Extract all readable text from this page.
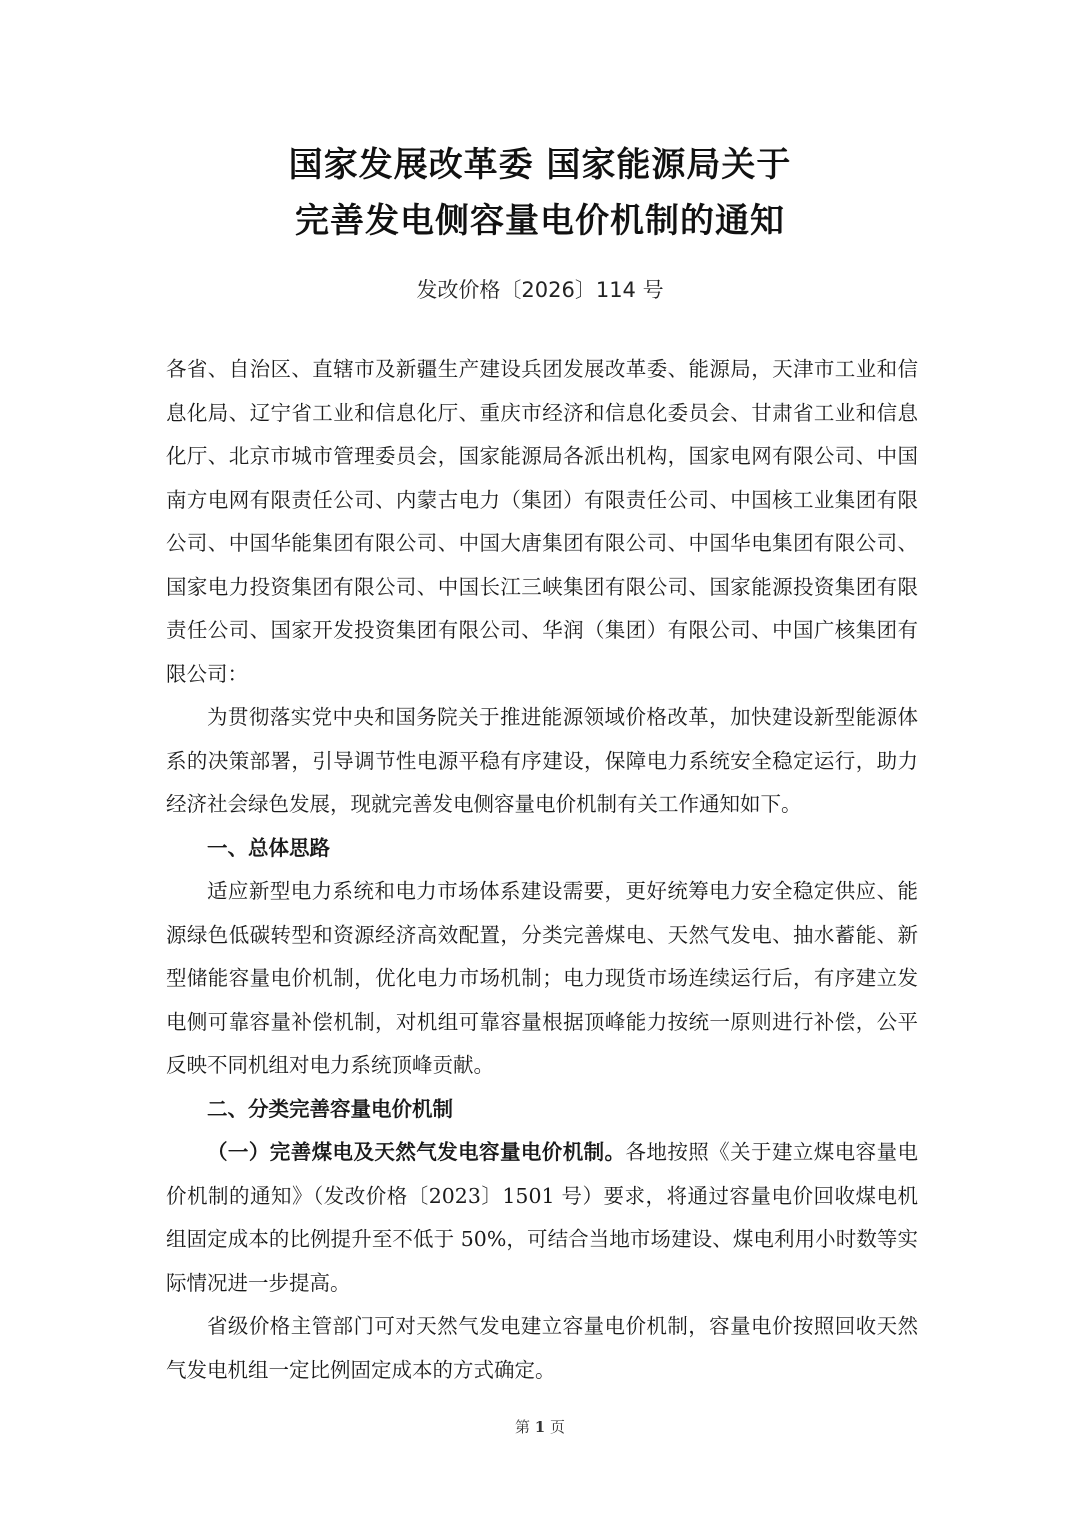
国家发展改革委 国家能源局关于
完善发电侧容量电价机制的通知

发改价格〔2026〕114 号

各省、自治区、直辖市及新疆生产建设兵团发展改革委、能源局，天津市工业和信息化局、辽宁省工业和信息化厅、重庆市经济和信息化委员会、甘肃省工业和信息化厅、北京市城市管理委员会，国家能源局各派出机构，国家电网有限公司、中国南方电网有限责任公司、内蒙古电力（集团）有限责任公司、中国核工业集团有限公司、中国华能集团有限公司、中国大唐集团有限公司、中国华电集团有限公司、国家电力投资集团有限公司、中国长江三峡集团有限公司、国家能源投资集团有限责任公司、国家开发投资集团有限公司、华润（集团）有限公司、中国广核集团有限公司：

为贯彻落实党中央和国务院关于推进能源领域价格改革，加快建设新型能源体系的决策部署，引导调节性电源平稳有序建设，保障电力系统安全稳定运行，助力经济社会绿色发展，现就完善发电侧容量电价机制有关工作通知如下。

一、总体思路

适应新型电力系统和电力市场体系建设需要，更好统筹电力安全稳定供应、能源绿色低碳转型和资源经济高效配置，分类完善煤电、天然气发电、抽水蓄能、新型储能容量电价机制，优化电力市场机制；电力现货市场连续运行后，有序建立发电侧可靠容量补偿机制，对机组可靠容量根据顶峰能力按统一原则进行补偿，公平反映不同机组对电力系统顶峰贡献。

二、分类完善容量电价机制

（一）完善煤电及天然气发电容量电价机制。各地按照《关于建立煤电容量电价机制的通知》（发改价格〔2023〕1501 号）要求，将通过容量电价回收煤电机组固定成本的比例提升至不低于 50%，可结合当地市场建设、煤电利用小时数等实际情况进一步提高。

省级价格主管部门可对天然气发电建立容量电价机制，容量电价按照回收天然气发电机组一定比例固定成本的方式确定。

第 1 页
